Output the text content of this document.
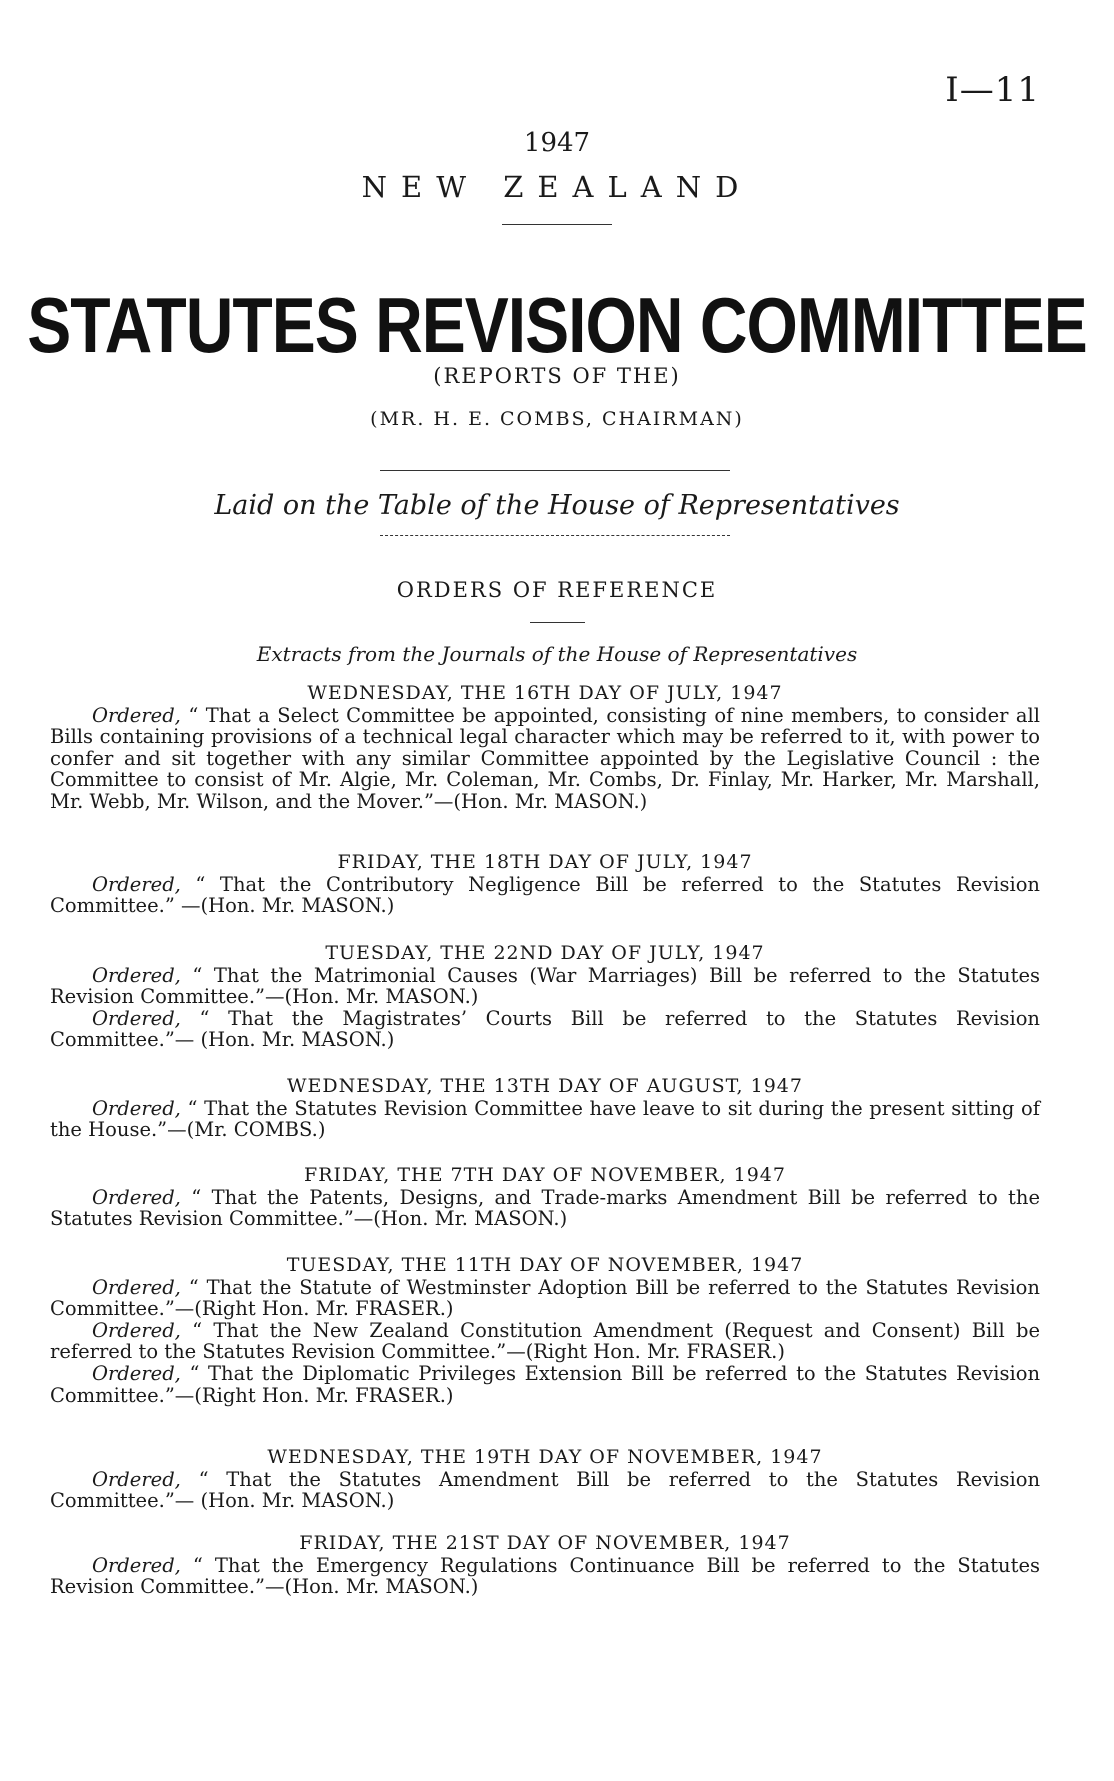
I—11
1947
NEW ZEALAND
STATUTES REVISION COMMITTEE
(REPORTS OF THE)
(MR. H. E. COMBS, CHAIRMAN)
Laid on the Table of the House of Representatives
ORDERS OF REFERENCE
Extracts from the Journals of the House of Representatives

WEDNESDAY, THE 16TH DAY OF JULY, 1947

Ordered, “ That a Select Committee be appointed, consisting of nine members, to consider all Bills containing provisions of a technical legal character which may be referred to it, with power to confer and sit together with any similar Committee appointed by the Legislative Council : the Committee to consist of Mr. Algie, Mr. Coleman, Mr. Combs, Dr. Finlay, Mr. Harker, Mr. Marshall, Mr. Webb, Mr. Wilson, and the Mover.”—(Hon. Mr. MASON.)

FRIDAY, THE 18TH DAY OF JULY, 1947

Ordered, “ That the Contributory Negligence Bill be referred to the Statutes Revision Committee.” —(Hon. Mr. MASON.)

TUESDAY, THE 22ND DAY OF JULY, 1947

Ordered, “ That the Matrimonial Causes (War Marriages) Bill be referred to the Statutes Revision Committee.”—(Hon. Mr. MASON.)

Ordered, “ That the Magistrates’ Courts Bill be referred to the Statutes Revision Committee.”— (Hon. Mr. MASON.)

WEDNESDAY, THE 13TH DAY OF AUGUST, 1947

Ordered, “ That the Statutes Revision Committee have leave to sit during the present sitting of the House.”—(Mr. COMBS.)

FRIDAY, THE 7TH DAY OF NOVEMBER, 1947

Ordered, “ That the Patents, Designs, and Trade-marks Amendment Bill be referred to the Statutes Revision Committee.”—(Hon. Mr. MASON.)

TUESDAY, THE 11TH DAY OF NOVEMBER, 1947

Ordered, “ That the Statute of Westminster Adoption Bill be referred to the Statutes Revision Committee.”—(Right Hon. Mr. FRASER.)

Ordered, “ That the New Zealand Constitution Amendment (Request and Consent) Bill be referred to the Statutes Revision Committee.”—(Right Hon. Mr. FRASER.)

Ordered, “ That the Diplomatic Privileges Extension Bill be referred to the Statutes Revision Committee.”—(Right Hon. Mr. FRASER.)

WEDNESDAY, THE 19TH DAY OF NOVEMBER, 1947

Ordered, “ That the Statutes Amendment Bill be referred to the Statutes Revision Committee.”— (Hon. Mr. MASON.)

FRIDAY, THE 21ST DAY OF NOVEMBER, 1947

Ordered, “ That the Emergency Regulations Continuance Bill be referred to the Statutes Revision Committee.”—(Hon. Mr. MASON.)
